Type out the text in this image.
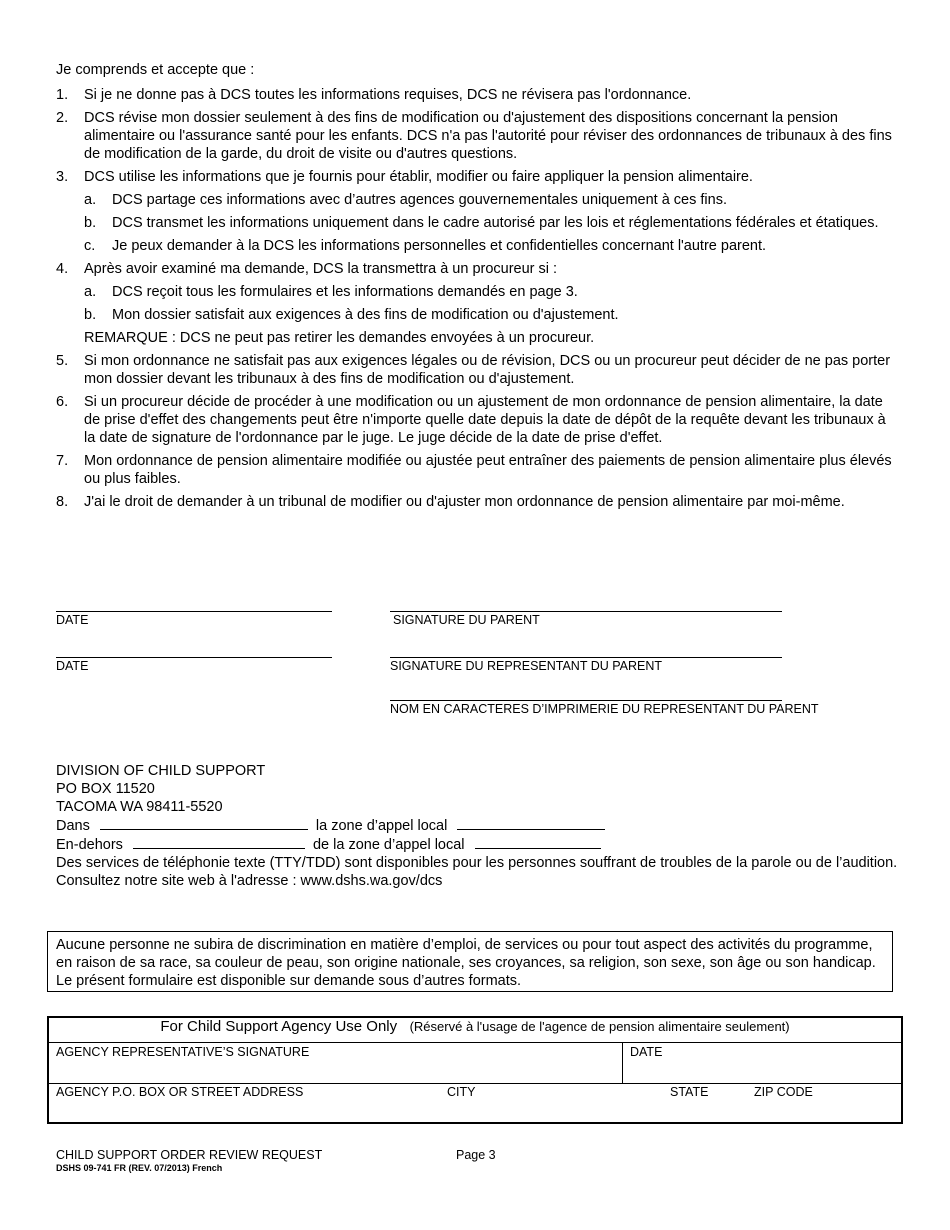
Je comprends et accepte que :
1. Si je ne donne pas à DCS toutes les informations requises, DCS ne révisera pas l'ordonnance.
2. DCS révise mon dossier seulement à des fins de modification ou d'ajustement des dispositions concernant la pension alimentaire ou l'assurance santé pour les enfants. DCS n'a pas l'autorité pour réviser des ordonnances de tribunaux à des fins de modification de la garde, du droit de visite ou d'autres questions.
3. DCS utilise les informations que je fournis pour établir, modifier ou faire appliquer la pension alimentaire.
a. DCS partage ces informations avec d’autres agences gouvernementales uniquement à ces fins.
b. DCS transmet les informations uniquement dans le cadre autorisé par les lois et réglementations fédérales et étatiques.
c. Je peux demander à la DCS les informations personnelles et confidentielles concernant l'autre parent.
4. Après avoir examiné ma demande, DCS la transmettra à un procureur si :
a. DCS reçoit tous les formulaires et les informations demandés en page 3.
b. Mon dossier satisfait aux exigences à des fins de modification ou d'ajustement.
REMARQUE : DCS ne peut pas retirer les demandes envoyées à un procureur.
5. Si mon ordonnance ne satisfait pas aux exigences légales ou de révision, DCS ou un procureur peut décider de ne pas porter mon dossier devant les tribunaux à des fins de modification ou d'ajustement.
6. Si un procureur décide de procéder à une modification ou un ajustement de mon ordonnance de pension alimentaire, la date de prise d'effet des changements peut être n'importe quelle date depuis la date de dépôt de la requête devant les tribunaux à la date de signature de l'ordonnance par le juge. Le juge décide de la date de prise d'effet.
7. Mon ordonnance de pension alimentaire modifiée ou ajustée peut entraîner des paiements de pension alimentaire plus élevés ou plus faibles.
8. J'ai le droit de demander à un tribunal de modifier ou d'ajuster mon ordonnance de pension alimentaire par moi-même.
DATE	SIGNATURE DU PARENT
DATE	SIGNATURE DU REPRESENTANT DU PARENT
NOM EN CARACTERES D’IMPRIMERIE DU REPRESENTANT DU PARENT
DIVISION OF CHILD SUPPORT
PO BOX 11520
TACOMA WA 98411-5520
Dans	la zone d’appel local
En-dehors	de la zone d’appel local
Des services de téléphonie texte (TTY/TDD) sont disponibles pour les personnes souffrant de troubles de la parole ou de l’audition.
Consultez notre site web à l'adresse : www.dshs.wa.gov/dcs
Aucune personne ne subira de discrimination en matière d’emploi, de services ou pour tout aspect des activités du programme, en raison de sa race, sa couleur de peau, son origine nationale, ses croyances, sa religion, son sexe, son âge ou son handicap. Le présent formulaire est disponible sur demande sous d’autres formats.
For Child Support Agency Use Only (Réservé à l'usage de l'agence de pension alimentaire seulement)
AGENCY REPRESENTATIVE’S SIGNATURE	DATE
AGENCY P.O. BOX OR STREET ADDRESS	CITY	STATE	ZIP CODE
CHILD SUPPORT ORDER REVIEW REQUEST
DSHS 09-741 FR (REV. 07/2013) French
Page 3
